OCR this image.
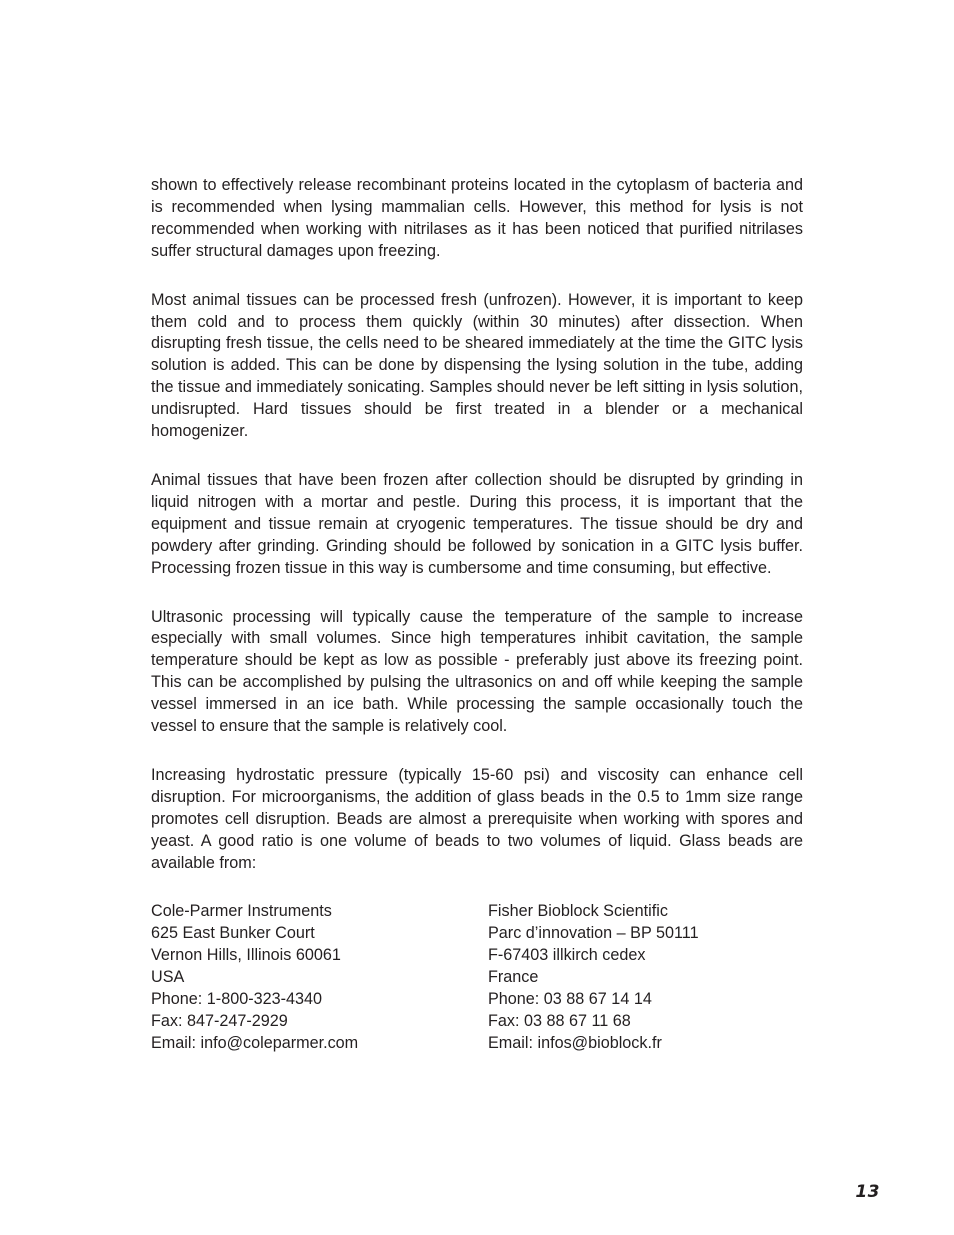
shown to effectively release recombinant proteins located in the cytoplasm of bacteria and is recommended when lysing mammalian cells. However, this method for lysis is not recommended when working with nitrilases as it has been noticed that purified nitrilases suffer structural damages upon freezing.

Most animal tissues can be processed fresh (unfrozen). However, it is important to keep them cold and to process them quickly (within 30 minutes) after dissection. When disrupting fresh tissue, the cells need to be sheared immediately at the time the GITC lysis solution is added. This can be done by dispensing the lysing solution in the tube, adding the tissue and immediately sonicating. Samples should never be left sitting in lysis solution, undisrupted. Hard tissues should be first treated in a blender or a mechanical homogenizer.

Animal tissues that have been frozen after collection should be disrupted by grinding in liquid nitrogen with a mortar and pestle. During this process, it is important that the equipment and tissue remain at cryogenic temperatures. The tissue should be dry and powdery after grinding. Grinding should be followed by sonication in a GITC lysis buffer. Processing frozen tissue in this way is cumbersome and time consuming, but effective.

Ultrasonic processing will typically cause the temperature of the sample to increase especially with small volumes. Since high temperatures inhibit cavitation, the sample temperature should be kept as low as possible - preferably just above its freezing point. This can be accomplished by pulsing the ultrasonics on and off while keeping the sample vessel immersed in an ice bath. While processing the sample occasionally touch the vessel to ensure that the sample is relatively cool.

Increasing hydrostatic pressure (typically 15-60 psi) and viscosity can enhance cell disruption. For microorganisms, the addition of glass beads in the 0.5 to 1mm size range promotes cell disruption. Beads are almost a prerequisite when working with spores and yeast. A good ratio is one volume of beads to two volumes of liquid. Glass beads are available from:

Cole-Parmer Instruments
625 East Bunker Court
Vernon Hills, Illinois 60061
USA
Phone: 1-800-323-4340
Fax: 847-247-2929
Email: info@coleparmer.com
Fisher Bioblock Scientific
Parc d’innovation – BP 50111
F-67403 illkirch cedex
France
Phone: 03 88 67 14 14
Fax: 03 88 67 11 68
Email: infos@bioblock.fr
13
